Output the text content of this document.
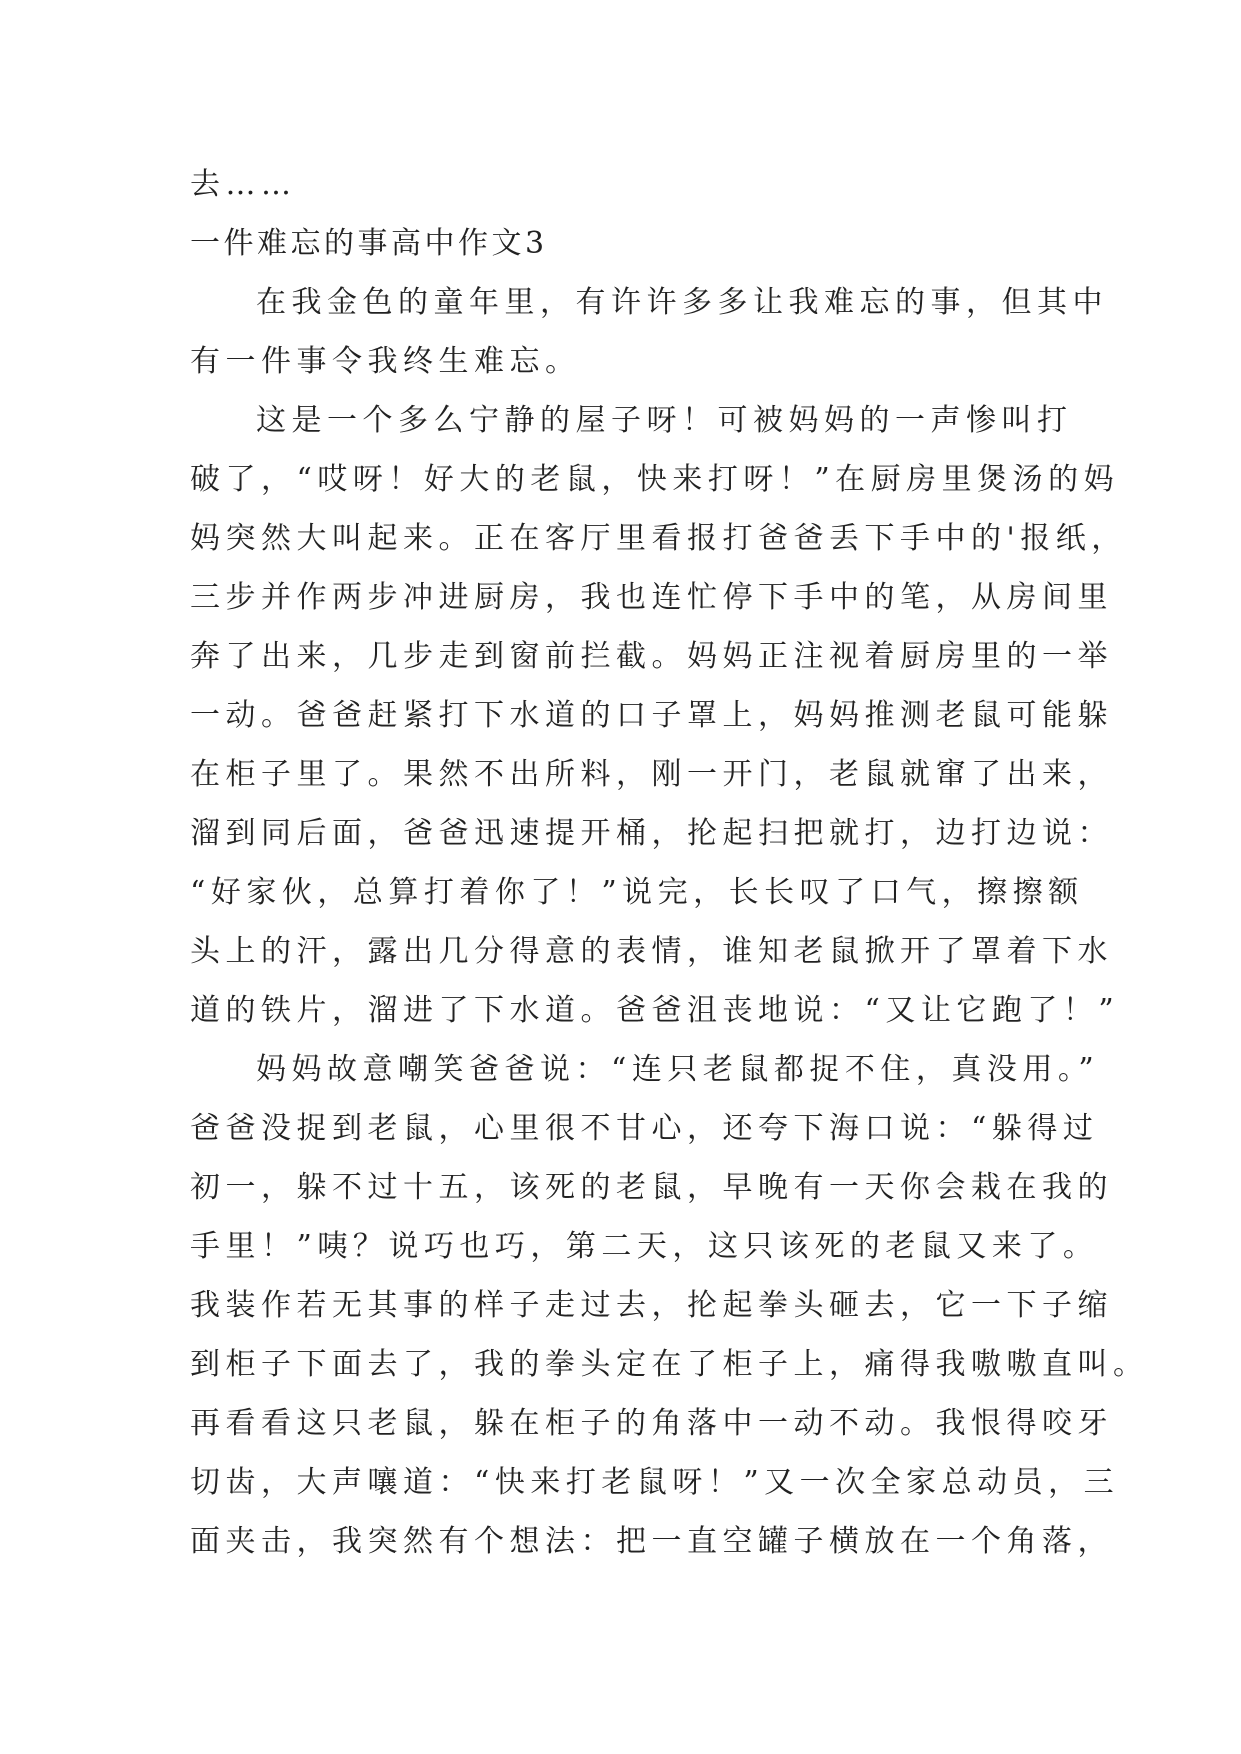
去……
一件难忘的事高中作文3
在我金色的童年里，有许许多多让我难忘的事，但其中
有一件事令我终生难忘。
这是一个多么宁静的屋子呀！可被妈妈的一声惨叫打
破了，“哎呀！好大的老鼠，快来打呀！”在厨房里煲汤的妈
妈突然大叫起来。正在客厅里看报打爸爸丢下手中的'报纸，
三步并作两步冲进厨房，我也连忙停下手中的笔，从房间里
奔了出来，几步走到窗前拦截。妈妈正注视着厨房里的一举
一动。爸爸赶紧打下水道的口子罩上，妈妈推测老鼠可能躲
在柜子里了。果然不出所料，刚一开门，老鼠就窜了出来，
溜到同后面，爸爸迅速提开桶，抡起扫把就打，边打边说：
“好家伙，总算打着你了！”说完，长长叹了口气，擦擦额
头上的汗，露出几分得意的表情，谁知老鼠掀开了罩着下水
道的铁片，溜进了下水道。爸爸沮丧地说：“又让它跑了！”
妈妈故意嘲笑爸爸说：“连只老鼠都捉不住，真没用。”
爸爸没捉到老鼠，心里很不甘心，还夸下海口说：“躲得过
初一，躲不过十五，该死的老鼠，早晚有一天你会栽在我的
手里！”咦？说巧也巧，第二天，这只该死的老鼠又来了。
我装作若无其事的样子走过去，抡起拳头砸去，它一下子缩
到柜子下面去了，我的拳头定在了柜子上，痛得我嗷嗷直叫。
再看看这只老鼠，躲在柜子的角落中一动不动。我恨得咬牙
切齿，大声嚷道：“快来打老鼠呀！”又一次全家总动员，三
面夹击，我突然有个想法：把一直空罐子横放在一个角落，
